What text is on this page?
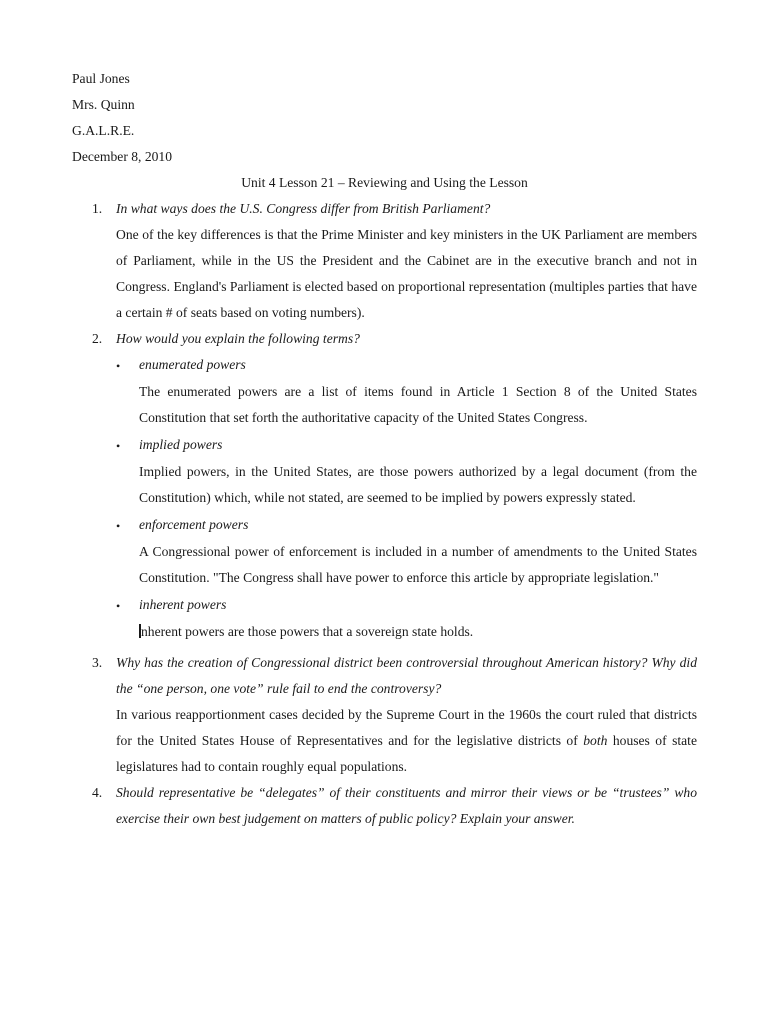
Paul Jones
Mrs. Quinn
G.A.L.R.E.
December 8, 2010
Unit 4 Lesson 21 – Reviewing and Using the Lesson
1. In what ways does the U.S. Congress differ from British Parliament?
One of the key differences is that the Prime Minister and key ministers in the UK Parliament are members of Parliament, while in the US the President and the Cabinet are in the executive branch and not in Congress. England's Parliament is elected based on proportional representation (multiples parties that have a certain # of seats based on voting numbers).
2. How would you explain the following terms?
• enumerated powers
The enumerated powers are a list of items found in Article 1 Section 8 of the United States Constitution that set forth the authoritative capacity of the United States Congress.
• implied powers
Implied powers, in the United States, are those powers authorized by a legal document (from the Constitution) which, while not stated, are seemed to be implied by powers expressly stated.
• enforcement powers
A Congressional power of enforcement is included in a number of amendments to the United States Constitution. "The Congress shall have power to enforce this article by appropriate legislation."
• inherent powers
nherent powers are those powers that a sovereign state holds.
3. Why has the creation of Congressional district been controversial throughout American history? Why did the “one person, one vote” rule fail to end the controversy?
In various reapportionment cases decided by the Supreme Court in the 1960s the court ruled that districts for the United States House of Representatives and for the legislative districts of both houses of state legislatures had to contain roughly equal populations.
4. Should representative be “delegates” of their constituents and mirror their views or be “trustees” who exercise their own best judgement on matters of public policy? Explain your answer.
